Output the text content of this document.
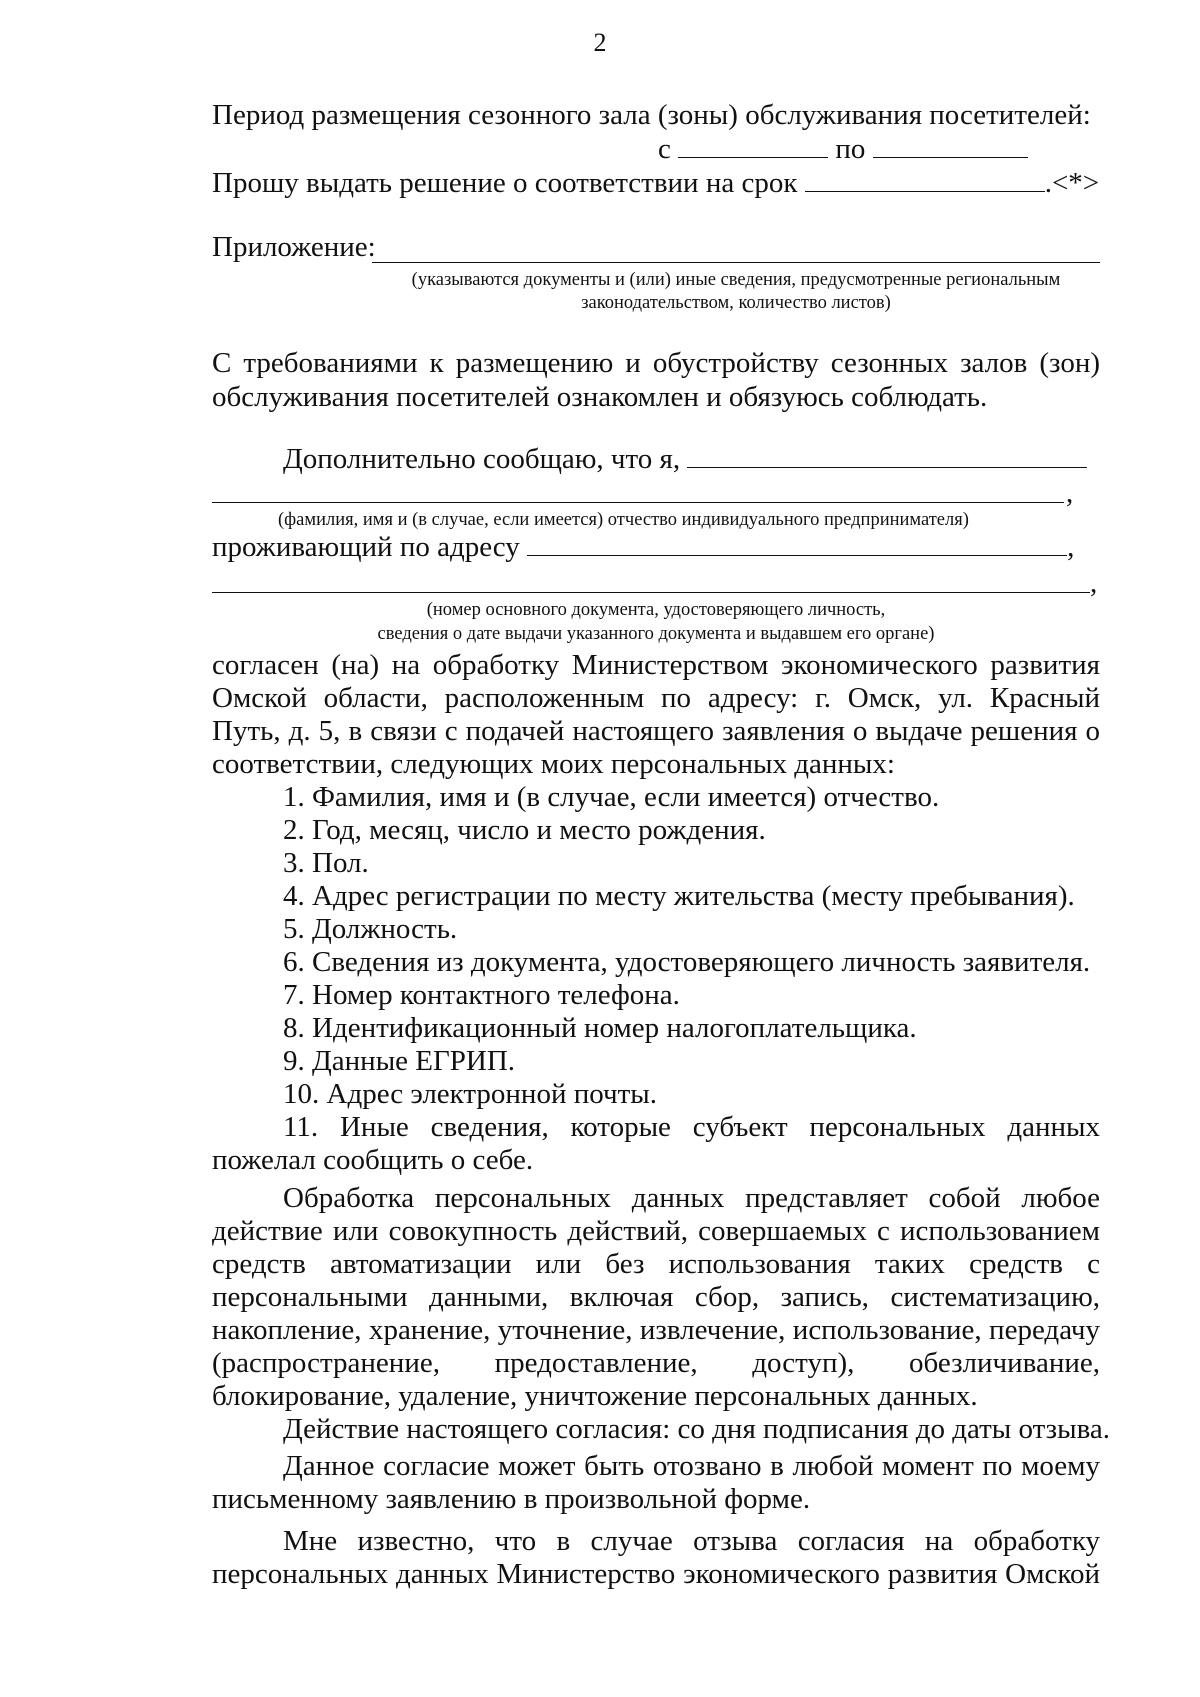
2
Период размещения сезонного зала (зоны) обслуживания посетителей:
с	по
Прошу выдать решение о соответствии на срок	.<*>
Приложение:
(указываются документы и (или) иные сведения, предусмотренные региональным
законодательством, количество листов)
С требованиями к размещению и обустройству сезонных залов (зон)
обслуживания посетителей ознакомлен и обязуюсь соблюдать.
Дополнительно сообщаю, что я,
,
(фамилия, имя и (в случае, если имеется) отчество индивидуального предпринимателя)
проживающий по адресу	,
,
(номер основного документа, удостоверяющего личность,
сведения о дате выдачи указанного документа и выдавшем его органе)
согласен (на) на обработку Министерством экономического развития
Омской области, расположенным по адресу: г. Омск, ул. Красный
Путь, д. 5, в связи с подачей настоящего заявления о выдаче решения о
соответствии, следующих моих персональных данных:
1. Фамилия, имя и (в случае, если имеется) отчество.
2. Год, месяц, число и место рождения.
3. Пол.
4. Адрес регистрации по месту жительства (месту пребывания).
5. Должность.
6. Сведения из документа, удостоверяющего личность заявителя.
7. Номер контактного телефона.
8. Идентификационный номер налогоплательщика.
9. Данные ЕГРИП.
10. Адрес электронной почты.
11. Иные сведения, которые субъект персональных данных
пожелал сообщить о себе.
Обработка персональных данных представляет собой любое
действие или совокупность действий, совершаемых с использованием
средств автоматизации или без использования таких средств с
персональными данными, включая сбор, запись, систематизацию,
накопление, хранение, уточнение, извлечение, использование, передачу
(распространение, предоставление, доступ), обезличивание,
блокирование, удаление, уничтожение персональных данных.
Действие настоящего согласия: со дня подписания до даты отзыва.
Данное согласие может быть отозвано в любой момент по моему
письменному заявлению в произвольной форме.
Мне известно, что в случае отзыва согласия на обработку
персональных данных Министерство экономического развития Омской
